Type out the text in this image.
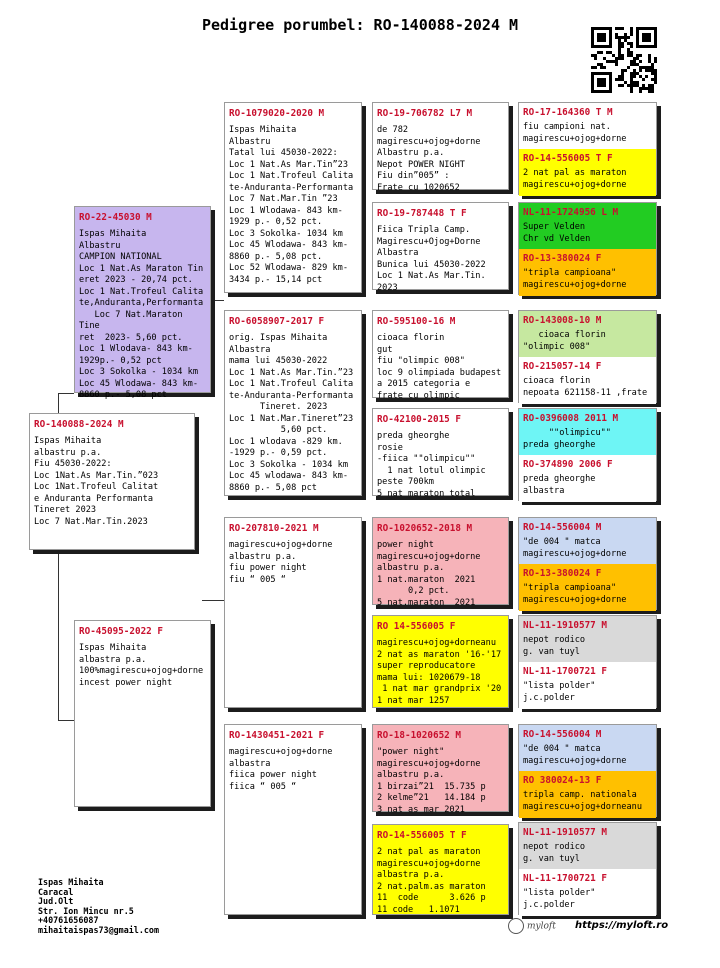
Pedigree porumbel: RO-140088-2024 M
RO-140088-2024 M
Ispas Mihaita
albastru p.a.
Fiu 45030-2022:
Loc 1Nat.As Mar.Tin.”023
Loc 1Nat.Trofeul Calitat
e Anduranta Performanta
Tineret 2023
Loc 7 Nat.Mar.Tin.2023
RO-22-45030 M
Ispas Mihaita
Albastru
CAMPION NATIONAL
Loc 1 Nat.As Maraton Tin
eret 2023 - 20,74 pct.
Loc 1 Nat.Trofeul Calita
te,Anduranta,Performanta
Loc 7 Nat.Maraton Tine
ret  2023- 5,60 pct.
Loc 1 Wlodava- 843 km-
1929p.- 0,52 pct
Loc 3 Sokolka - 1034 km
Loc 45 Wlodawa- 843 km-
8860 p.- 5,08 pct
RO-45095-2022 F
Ispas Mihaita
albastra p.a.
100%magirescu+ojog+dorne
incest power night
RO-1079020-2020 M
Ispas Mihaita
Albastru
Tatal lui 45030-2022:
Loc 1 Nat.As Mar.Tin”23
Loc 1 Nat.Trofeul Calita
te-Anduranta-Performanta
Loc 7 Nat.Mar.Tin ”23
Loc 1 Wlodawa- 843 km-
1929 p.- 0,52 pct.
Loc 3 Sokolka- 1034 km
Loc 45 Wlodawa- 843 km-
8860 p.- 5,08 pct.
Loc 52 Wlodawa- 829 km-
3434 p.- 15,14 pct
RO-6058907-2017 F
orig. Ispas Mihaita
Albastra
mama lui 45030-2022
Loc 1 Nat.As Mar.Tin.”23
Loc 1 Nat.Trofeul Calita
te-Anduranta-Performanta
Tineret. 2023
Loc 1 Nat.Mar.Tineret”23
5,60 pct.
Loc 1 wlodava -829 km.
-1929 p.- 0,59 pct.
Loc 3 Sokolka - 1034 km
Loc 45 wlodawa- 843 km-
8860 p.- 5,08 pct
RO-207810-2021 M
magirescu+ojog+dorne
albastru p.a.
fiu power night
fiu “ 005 “
RO-1430451-2021 F
magirescu+ojog+dorne
albastra
fiica power night
fiica “ 005 “
RO-19-706782 L7 M
de 782
magirescu+ojog+dorne
Albastru p.a.
Nepot POWER NIGHT
Fiu din”005” :
Frate cu 1020652
RO-19-787448 T F
Fiica Tripla Camp.
Magirescu+Ojog+Dorne
Albastra
Bunica lui 45030-2022
Loc 1 Nat.As Mar.Tin.
2023
RO-595100-16 M
cioaca florin
gut
fiu "olimpic 008"
loc 9 olimpiada budapest
a 2015 categoria e
frate cu olimpic
RO-42100-2015 F
preda gheorghe
rosie
-fiica ""olimpicu""
1 nat lotul olimpic
peste 700km
5 nat maraton total
RO-1020652-2018 M
power night
magirescu+ojog+dorne
albastru p.a.
1 nat.maraton  2021
0,2 pct.
5 nat.maraton  2021
RO 14-556005 F
magirescu+ojog+dorneanu
2 nat as maraton '16-'17
super reproducatore
mama lui: 1020679-18
1 nat mar grandprix '20
1 nat mar 1257
RO-18-1020652 M
"power night"
magirescu+ojog+dorne
albastru p.a.
1 birzai”21  15.735 p
2 kelme”21   14.184 p
3 nat as mar 2021
RO-14-556005 T F
2 nat pal as maraton
magirescu+ojog+dorne
albastra p.a.
2 nat.palm.as maraton
11  code      3.626 p
11 code   1.1071
RO-17-164360 T M
fiu campioni nat.
magirescu+ojog+dorne
RO-14-556005 T F
2 nat pal as maraton
magirescu+ojog+dorne
NL-11-1724956 L M
Super Velden
Chr vd Velden
RO-13-380024 F
"tripla campioana"
magirescu+ojog+dorne
RO-143008-10 M
cioaca florin
"olimpic 008"
RO-215057-14 F
cioaca florin
nepoata 621158-11 ,frate
RO-0396008 2011 M
""olimpicu""
preda gheorghe
RO-374890 2006 F
preda gheorghe
albastra
RO-14-556004 M
"de 004 " matca
magirescu+ojog+dorne
RO-13-380024 F
"tripla campioana"
magirescu+ojog+dorne
NL-11-1910577 M
nepot rodico
g. van tuyl
NL-11-1700721 F
"lista polder"
j.c.polder
RO-14-556004 M
"de 004 " matca
magirescu+ojog+dorne
RO 380024-13 F
tripla camp. nationala
magirescu+ojog+dorneanu
NL-11-1910577 M
nepot rodico
g. van tuyl
NL-11-1700721 F
"lista polder"
j.c.polder
Ispas Mihaita
Caracal
Jud.Olt
Str. Ion Mincu nr.5
+40761656087
mihaitaispas73@gmail.com	myloft https://myloft.ro
